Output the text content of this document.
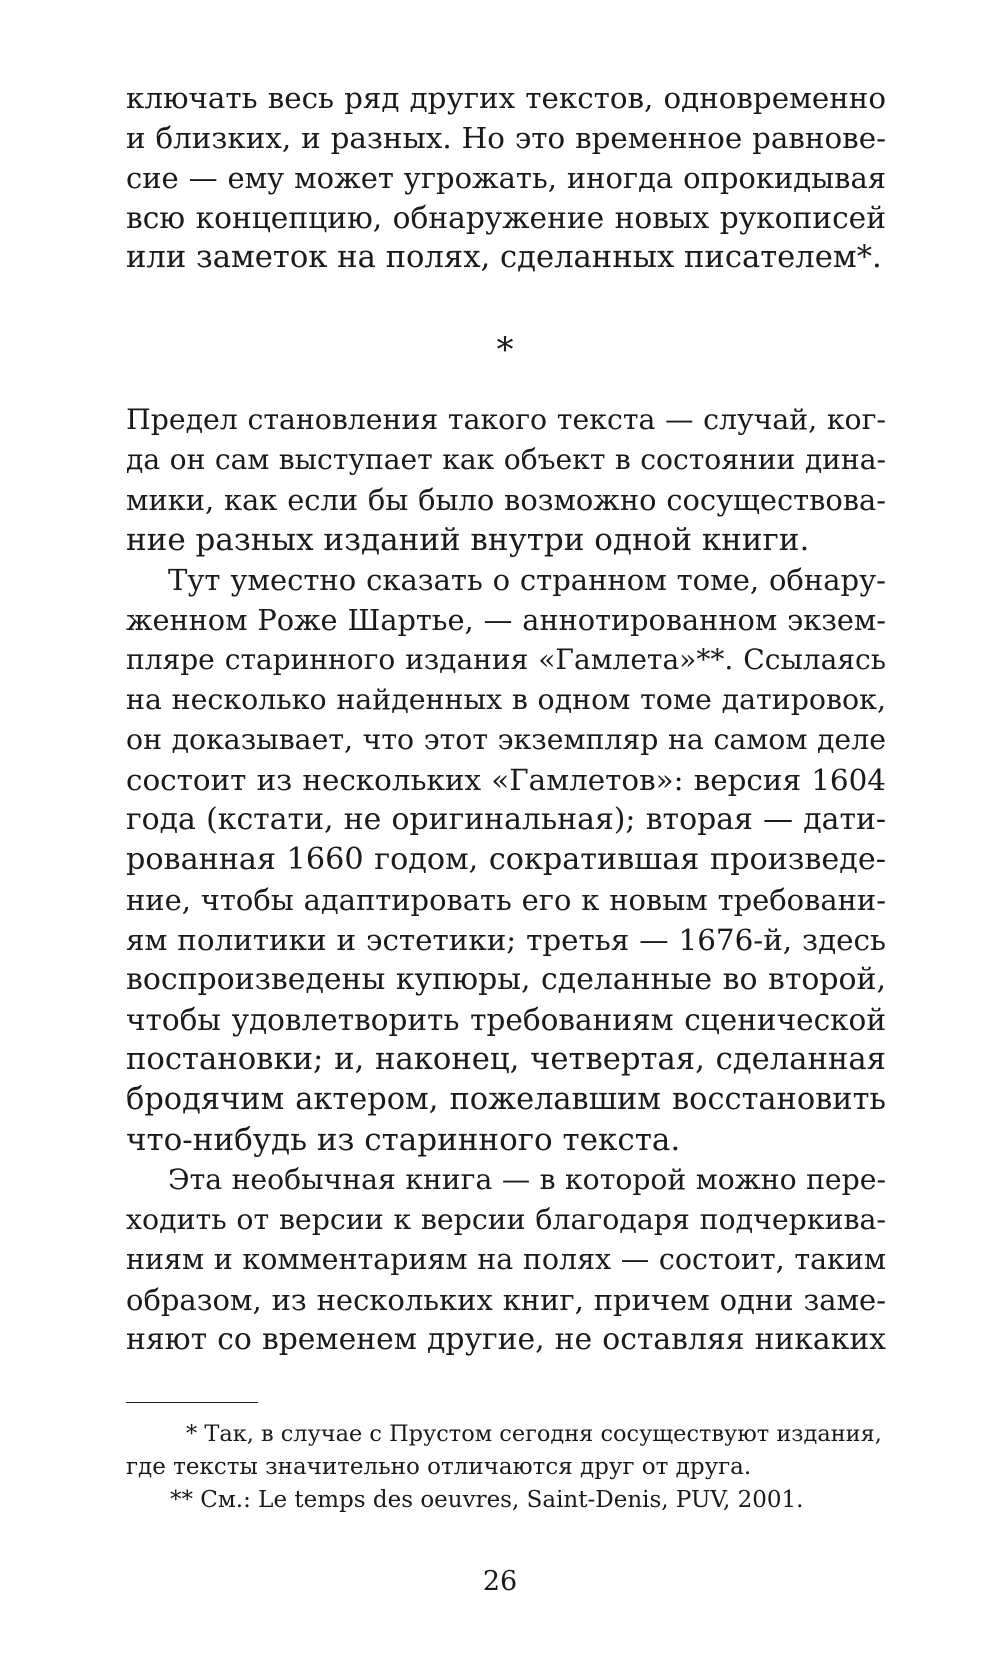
ключать весь ряд других текстов, одновременно
и близких, и разных. Но это временное равнове-
сие — ему может угрожать, иногда опрокидывая
всю концепцию, обнаружение новых рукописей
или заметок на полях, сделанных писателем*.
*
Предел становления такого текста — случай, ког-
да он сам выступает как объект в состоянии дина-
мики, как если бы было возможно сосуществова-
ние разных изданий внутри одной книги.
Тут уместно сказать о странном томе, обнару-
женном Роже Шартье, — аннотированном экзем-
пляре старинного издания «Гамлета»**. Ссылаясь
на несколько найденных в одном томе датировок,
он доказывает, что этот экземпляр на самом деле
состоит из нескольких «Гамлетов»: версия 1604
года (кстати, не оригинальная); вторая — дати-
рованная 1660 годом, сократившая произведе-
ние, чтобы адаптировать его к новым требовани-
ям политики и эстетики; третья — 1676-й, здесь
воспроизведены купюры, сделанные во второй,
чтобы удовлетворить требованиям сценической
постановки; и, наконец, четвертая, сделанная
бродячим актером, пожелавшим восстановить
что-нибудь из старинного текста.
Эта необычная книга — в которой можно пере-
ходить от версии к версии благодаря подчеркива-
ниям и комментариям на полях — состоит, таким
образом, из нескольких книг, причем одни заме-
няют со временем другие, не оставляя никаких
* Так, в случае с Прустом сегодня сосуществуют издания,
где тексты значительно отличаются друг от друга.
** См.: Le temps des oeuvres, Saint-Denis, PUV, 2001.
26
